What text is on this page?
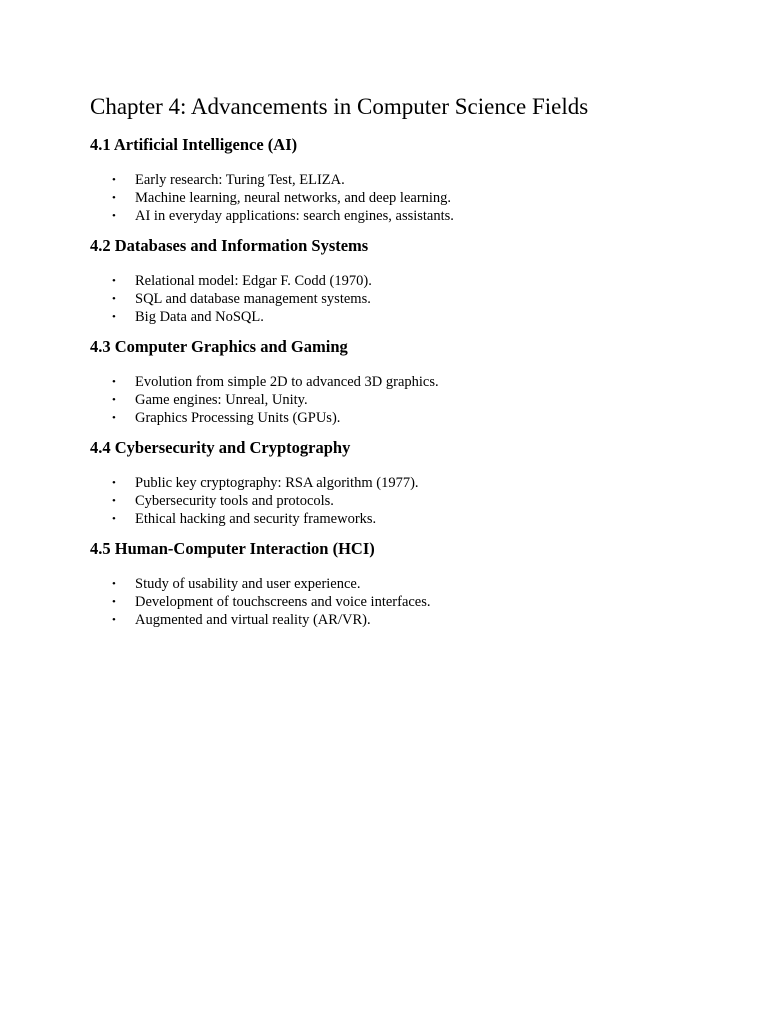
Chapter 4: Advancements in Computer Science Fields
4.1 Artificial Intelligence (AI)
• Early research: Turing Test, ELIZA.
• Machine learning, neural networks, and deep learning.
• AI in everyday applications: search engines, assistants.
4.2 Databases and Information Systems
• Relational model: Edgar F. Codd (1970).
• SQL and database management systems.
• Big Data and NoSQL.
4.3 Computer Graphics and Gaming
• Evolution from simple 2D to advanced 3D graphics.
• Game engines: Unreal, Unity.
• Graphics Processing Units (GPUs).
4.4 Cybersecurity and Cryptography
• Public key cryptography: RSA algorithm (1977).
• Cybersecurity tools and protocols.
• Ethical hacking and security frameworks.
4.5 Human-Computer Interaction (HCI)
• Study of usability and user experience.
• Development of touchscreens and voice interfaces.
• Augmented and virtual reality (AR/VR).
